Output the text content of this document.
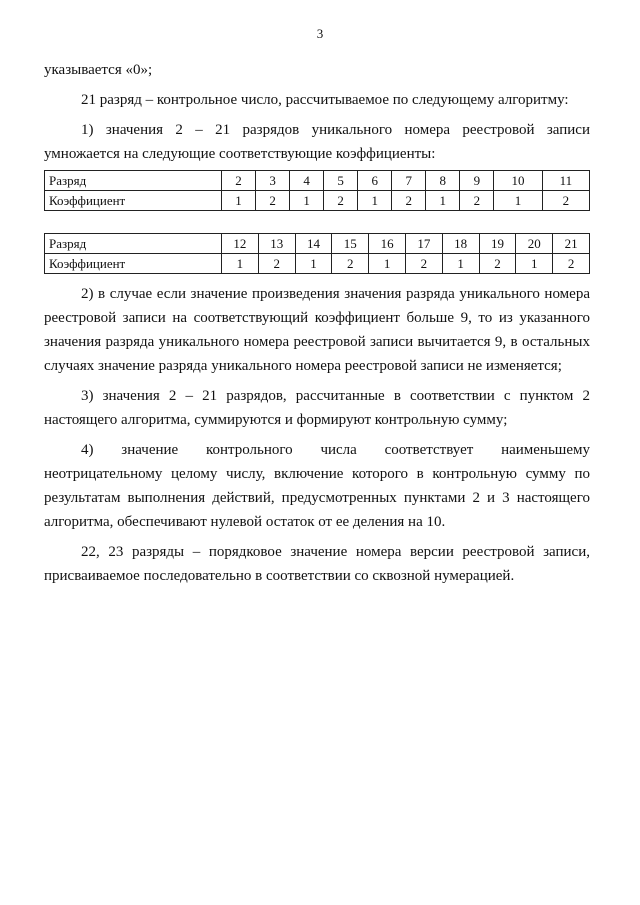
3

указывается «0»;

21 разряд – контрольное число, рассчитываемое по следующему алгоритму:

1) значения 2 – 21 разрядов уникального номера реестровой записи умножается на следующие соответствующие коэффициенты:

Разряд	2	3	4	5	6	7	8	9	10	11
Коэффициент	1	2	1	2	1	2	1	2	1	2
Разряд	12	13	14	15	16	17	18	19	20	21
Коэффициент	1	2	1	2	1	2	1	2	1	2

2) в случае если значение произведения значения разряда уникального номера реестровой записи на соответствующий коэффициент больше 9, то из указанного значения разряда уникального номера реестровой записи вычитается 9, в остальных случаях значение разряда уникального номера реестровой записи не изменяется;

3) значения 2 – 21 разрядов, рассчитанные в соответствии с пунктом 2 настоящего алгоритма, суммируются и формируют контрольную сумму;

4) значение контрольного числа соответствует наименьшему неотрицательному целому числу, включение которого в контрольную сумму по результатам выполнения действий, предусмотренных пунктами 2 и 3 настоящего алгоритма, обеспечивают нулевой остаток от ее деления на 10.

22, 23 разряды – порядковое значение номера версии реестровой записи, присваиваемое последовательно в соответствии со сквозной нумерацией.
